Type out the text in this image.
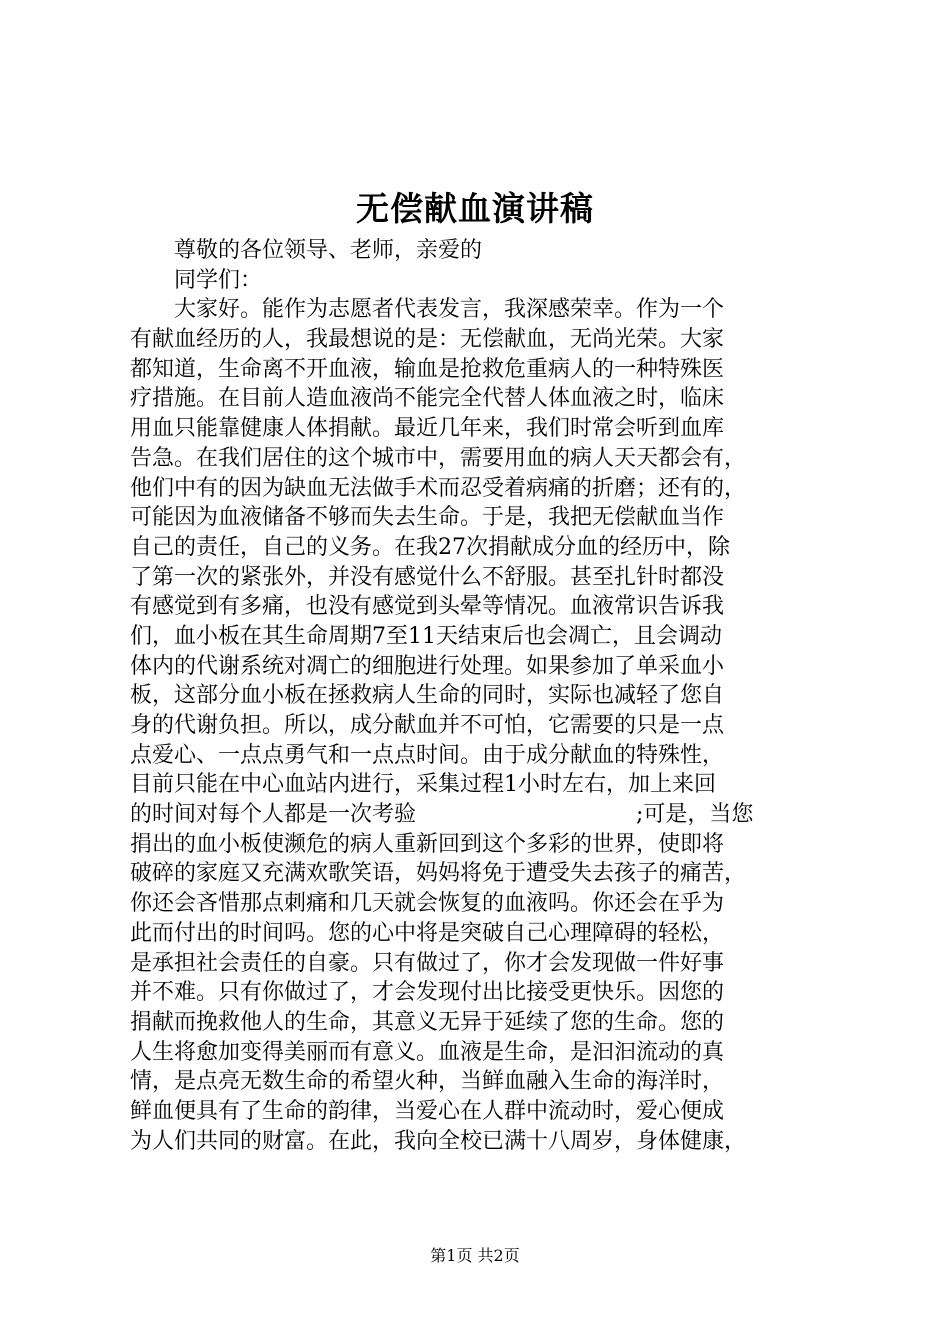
无偿献血演讲稿
尊敬的各位领导、老师，亲爱的
同学们：
大家好。能作为志愿者代表发言，我深感荣幸。作为一个
有献血经历的人，我最想说的是：无偿献血，无尚光荣。大家
都知道，生命离不开血液，输血是抢救危重病人的一种特殊医
疗措施。在目前人造血液尚不能完全代替人体血液之时，临床
用血只能靠健康人体捐献。最近几年来，我们时常会听到血库
告急。在我们居住的这个城市中，需要用血的病人天天都会有，
他们中有的因为缺血无法做手术而忍受着病痛的折磨；还有的，
可能因为血液储备不够而失去生命。于是，我把无偿献血当作
自己的责任，自己的义务。在我27次捐献成分血的经历中，除
了第一次的紧张外，并没有感觉什么不舒服。甚至扎针时都没
有感觉到有多痛，也没有感觉到头晕等情况。血液常识告诉我
们，血小板在其生命周期7至11天结束后也会凋亡，且会调动
体内的代谢系统对凋亡的细胞进行处理。如果参加了单采血小
板，这部分血小板在拯救病人生命的同时，实际也减轻了您自
身的代谢负担。所以，成分献血并不可怕，它需要的只是一点
点爱心、一点点勇气和一点点时间。由于成分献血的特殊性，
目前只能在中心血站内进行，采集过程1小时左右，加上来回
的时间对每个人都是一次考验　　　　　　　　　　;可是，当您
捐出的血小板使濒危的病人重新回到这个多彩的世界，使即将
破碎的家庭又充满欢歌笑语，妈妈将免于遭受失去孩子的痛苦，
你还会吝惜那点刺痛和几天就会恢复的血液吗。你还会在乎为
此而付出的时间吗。您的心中将是突破自己心理障碍的轻松，
是承担社会责任的自豪。只有做过了，你才会发现做一件好事
并不难。只有你做过了，才会发现付出比接受更快乐。因您的
捐献而挽救他人的生命，其意义无异于延续了您的生命。您的
人生将愈加变得美丽而有意义。血液是生命，是汩汩流动的真
情，是点亮无数生命的希望火种，当鲜血融入生命的海洋时，
鲜血便具有了生命的韵律，当爱心在人群中流动时，爱心便成
为人们共同的财富。在此，我向全校已满十八周岁，身体健康，
第1页 共2页
